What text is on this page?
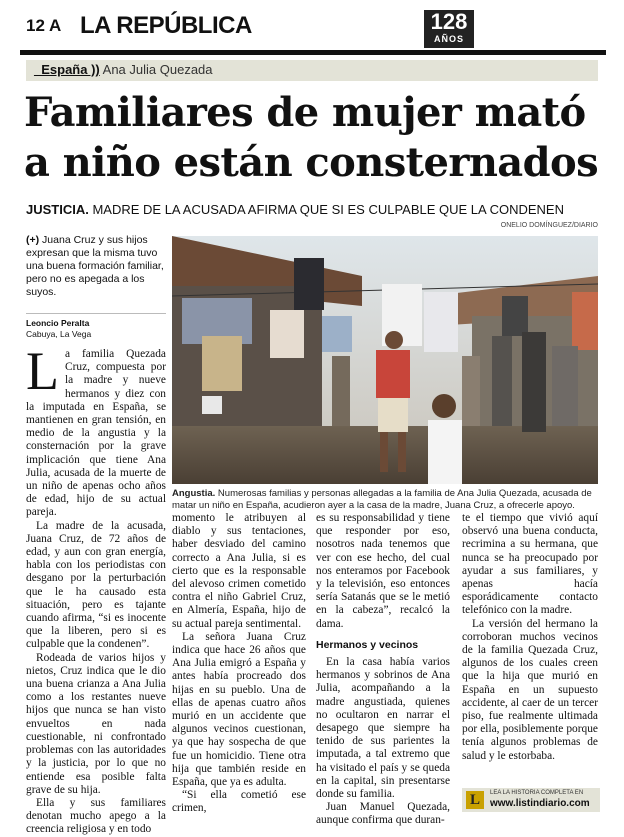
12 A LA REPÚBLICA	128
AÑOS
_España )) Ana Julia Quezada
Familiares de mujer mató a niño están consternados
JUSTICIA. MADRE DE LA ACUSADA AFIRMA QUE SI ES CULPABLE QUE LA CONDENEN
ONELIO DOMÍNGUEZ/DIARIO
(+) Juana Cruz y sus hijos expresan que la misma tuvo una buena formación familiar, pero no es apegada a los suyos.
Leoncio Peralta
Cabuya, La Vega
Angustia. Numerosas familias y personas allegadas a la familia de Ana Julia Quezada, acusada de matar un niño en España, acudieron ayer a la casa de la madre, Juana Cruz, a ofrecerle apoyo.
L a familia Quezada Cruz, compuesta por la madre y nueve hermanos y diez con la imputada en España, se mantienen en gran tensión, en medio de la angustia y la consternación por la grave implicación que tiene Ana Julia, acusada de la muerte de un niño de apenas ocho años de edad, hijo de su actual pareja.

La madre de la acusada, Juana Cruz, de 72 años de edad, y aun con gran energía, habla con los periodistas con desgano por la perturbación que le ha causado esta situación, pero es tajante cuando afirma, “si es inocente que la liberen, pero si es culpable que la condenen”.

Rodeada de varios hijos y nietos, Cruz indica que le dio una buena crianza a Ana Julia como a los restantes nueve hijos que nunca se han visto envueltos en nada cuestionable, ni confrontado problemas con las autoridades y la justicia, por lo que no entiende esa posible falta grave de su hija.

Ella y sus familiares denotan mucho apego a la creencia religiosa y en todo

momento le atribuyen al diablo y sus tentaciones, haber desviado del camino correcto a Ana Julia, si es cierto que es la responsable del alevoso crimen cometido contra el niño Gabriel Cruz, en Almería, España, hijo de su actual pareja sentimental.

La señora Juana Cruz indica que hace 26 años que Ana Julia emigró a España y antes había procreado dos hijas en su pueblo. Una de ellas de apenas cuatro años murió en un accidente que algunos vecinos cuestionan, ya que hay sospecha de que fue un homicidio. Tiene otra hija que también reside en España, que ya es adulta.

“Si ella cometió ese crimen,

es su responsabilidad y tiene que responder por eso, nosotros nada tenemos que ver con ese hecho, del cual nos enteramos por Facebook y la televisión, eso entonces sería Satanás que se le metió en la cabeza”, recalcó la dama.

Hermanos y vecinos

En la casa había varios hermanos y sobrinos de Ana Julia, acompañando a la madre angustiada, quienes no ocultaron en narrar el desapego que siempre ha tenido de sus parientes la imputada, a tal extremo que ha visitado el país y se queda en la capital, sin presentarse donde su familia.

Juan Manuel Quezada, aunque confirma que duran-

te el tiempo que vivió aquí observó una buena conducta, recrimina a su hermana, que nunca se ha preocupado por ayudar a sus familiares, y apenas hacía esporádicamente contacto telefónico con la madre.

La versión del hermano la corroboran muchos vecinos de la familia Quezada Cruz, algunos de los cuales creen que la hija que murió en España en un supuesto accidente, al caer de un tercer piso, fue realmente ultimada por ella, posiblemente porque tenía algunos problemas de salud y le estorbaba.

L	LEA LA HISTORIA COMPLETA EN
www.listindiario.com
